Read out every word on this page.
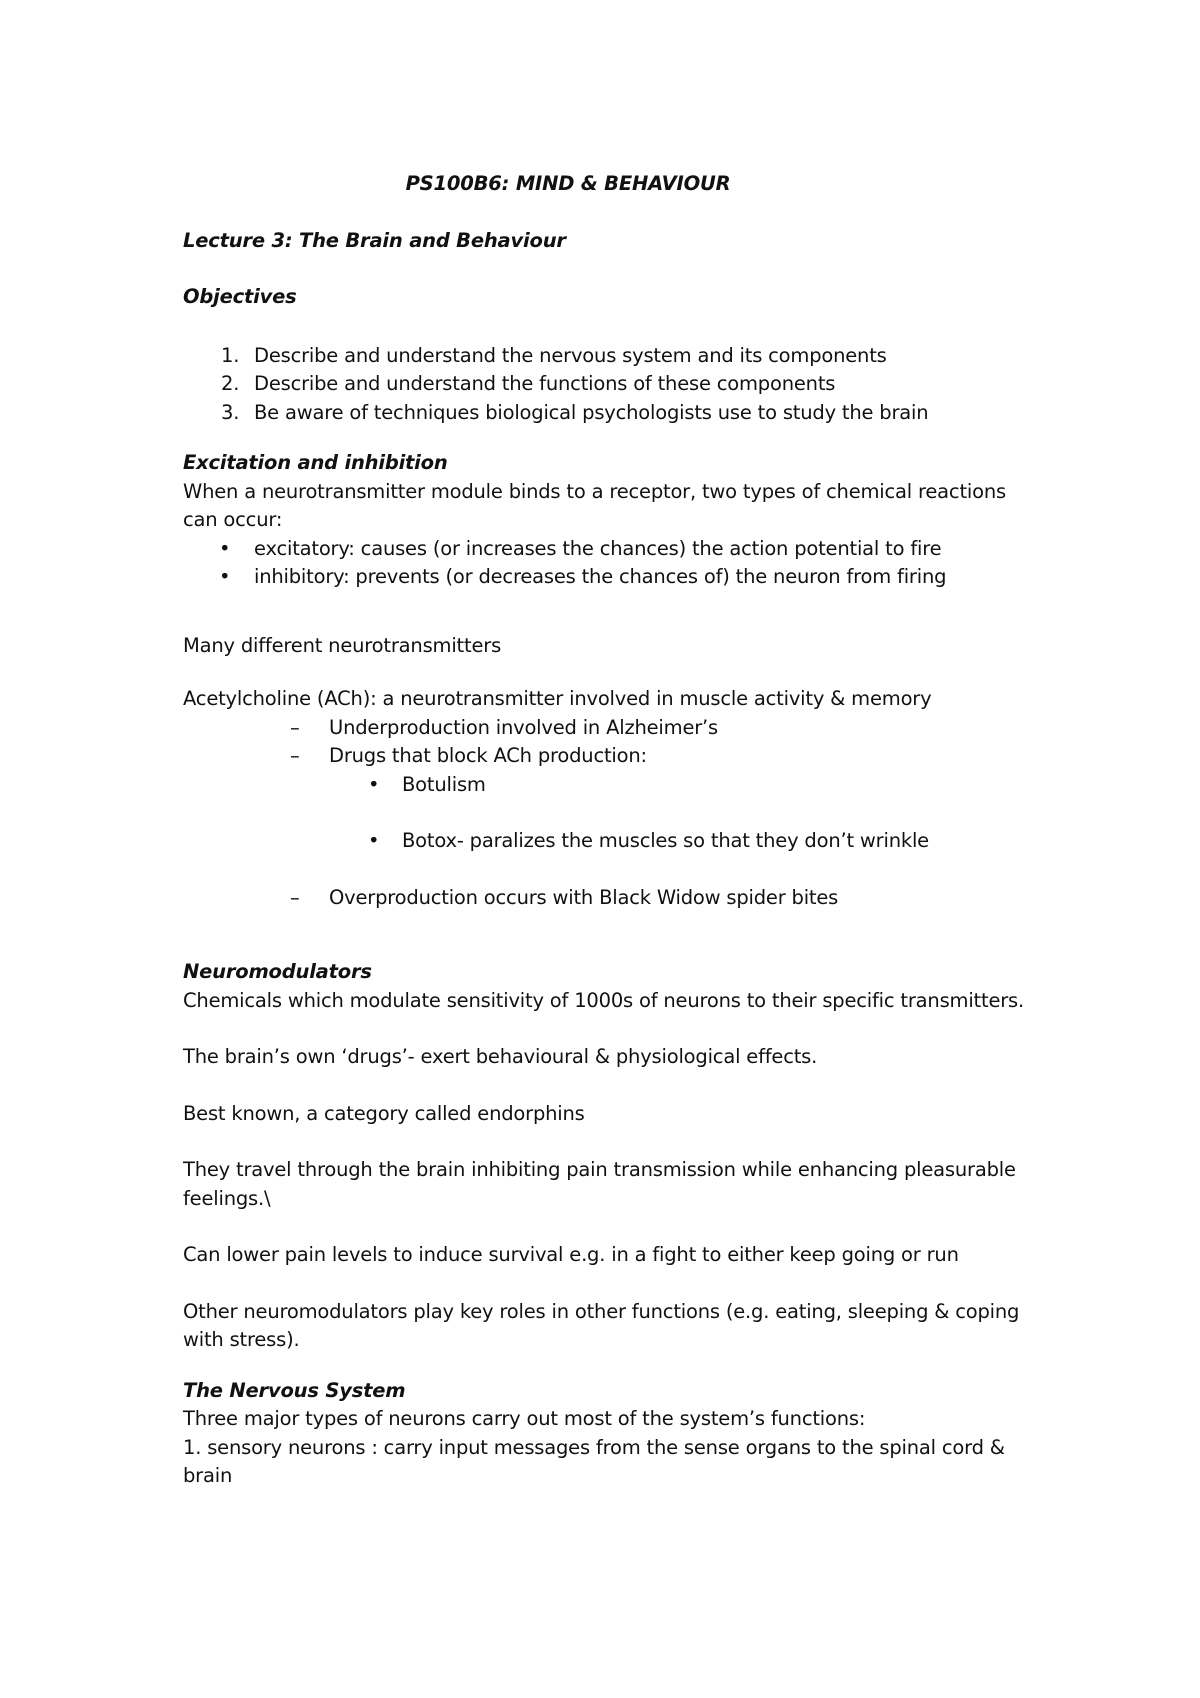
PS100B6: MIND & BEHAVIOUR

Lecture 3: The Brain and Behaviour

Objectives

1. Describe and understand the nervous system and its components
2. Describe and understand the functions of these components
3. Be aware of techniques biological psychologists use to study the brain

Excitation and inhibition

When a neurotransmitter module binds to a receptor, two types of chemical reactions can occur:

• excitatory: causes (or increases the chances) the action potential to fire
• inhibitory: prevents (or decreases the chances of) the neuron from firing

Many different neurotransmitters

Acetylcholine (ACh): a neurotransmitter involved in muscle activity & memory

– Underproduction involved in Alzheimer’s
– Drugs that block ACh production:
• Botulism
• Botox- paralizes the muscles so that they don’t wrinkle
– Overproduction occurs with Black Widow spider bites

Neuromodulators

Chemicals which modulate sensitivity of 1000s of neurons to their specific transmitters.

The brain’s own ‘drugs’- exert behavioural & physiological effects.

Best known, a category called endorphins

They travel through the brain inhibiting pain transmission while enhancing pleasurable feelings.\

Can lower pain levels to induce survival e.g. in a fight to either keep going or run

Other neuromodulators play key roles in other functions (e.g. eating, sleeping & coping with stress).

The Nervous System

Three major types of neurons carry out most of the system’s functions:

1. sensory neurons : carry input messages from the sense organs to the spinal cord & brain
